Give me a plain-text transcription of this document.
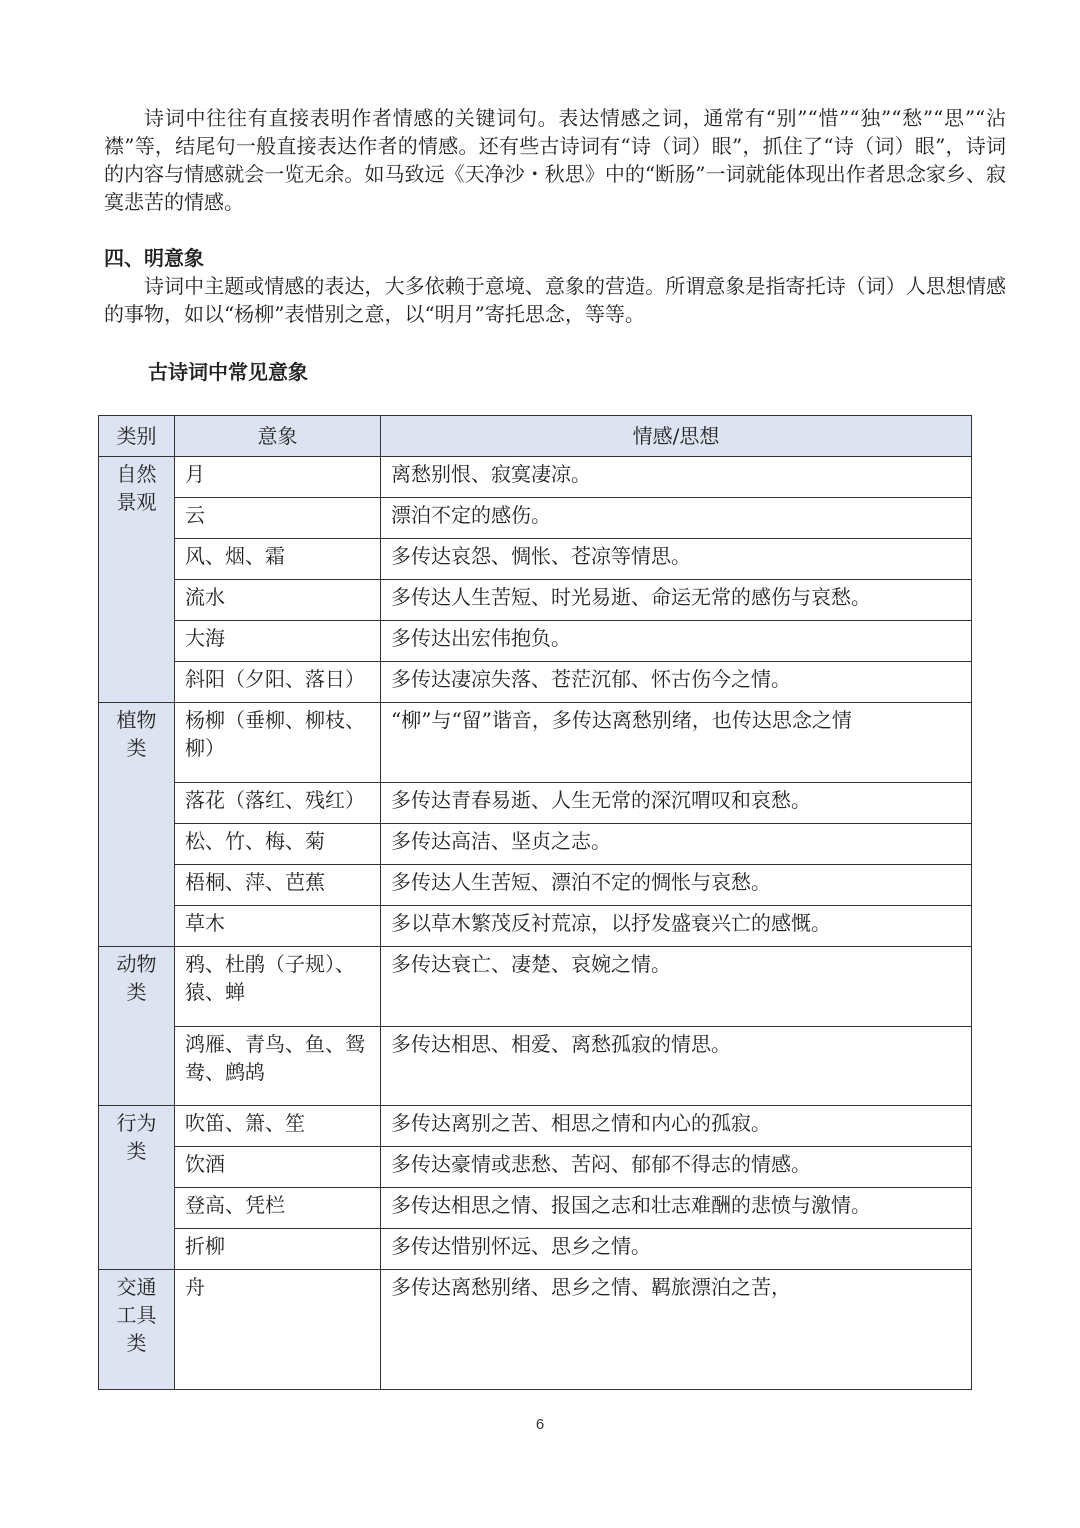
诗词中往往有直接表明作者情感的关键词句。表达情感之词，通常有“别”“惜”“独”“愁”“思”“沾襟”等，结尾句一般直接表达作者的情感。还有些古诗词有“诗（词）眼”，抓住了“诗（词）眼”，诗词的内容与情感就会一览无余。如马致远《天净沙・秋思》中的“断肠”一词就能体现出作者思念家乡、寂寞悲苦的情感。

四、明意象

诗词中主题或情感的表达，大多依赖于意境、意象的营造。所谓意象是指寄托诗（词）人思想情感的事物，如以“杨柳”表惜别之意，以“明月”寄托思念，等等。

古诗词中常见意象
类别	意象	情感/思想
自然景观	月	离愁别恨、寂寞凄凉。
	云	漂泊不定的感伤。
	风、烟、霜	多传达哀怨、惆怅、苍凉等情思。
	流水	多传达人生苦短、时光易逝、命运无常的感伤与哀愁。
	大海	多传达出宏伟抱负。
	斜阳（夕阳、落日）	多传达凄凉失落、苍茫沉郁、怀古伤今之情。
植物类	杨柳（垂柳、柳枝、柳）	“柳”与“留”谐音，多传达离愁别绪，也传达思念之情
	落花（落红、残红）	多传达青春易逝、人生无常的深沉喟叹和哀愁。
	松、竹、梅、菊	多传达高洁、坚贞之志。
	梧桐、萍、芭蕉	多传达人生苦短、漂泊不定的惆怅与哀愁。
	草木	多以草木繁茂反衬荒凉，以抒发盛衰兴亡的感慨。
动物类	鸦、杜鹃（子规）、猿、蝉	多传达衰亡、凄楚、哀婉之情。
	鸿雁、青鸟、鱼、鸳鸯、鹧鸪	多传达相思、相爱、离愁孤寂的情思。
行为类	吹笛、箫、笙	多传达离别之苦、相思之情和内心的孤寂。
	饮酒	多传达豪情或悲愁、苦闷、郁郁不得志的情感。
	登高、凭栏	多传达相思之情、报国之志和壮志难酬的悲愤与激情。
	折柳	多传达惜别怀远、思乡之情。
交通工具类	舟	多传达离愁别绪、思乡之情、羁旅漂泊之苦，
6
